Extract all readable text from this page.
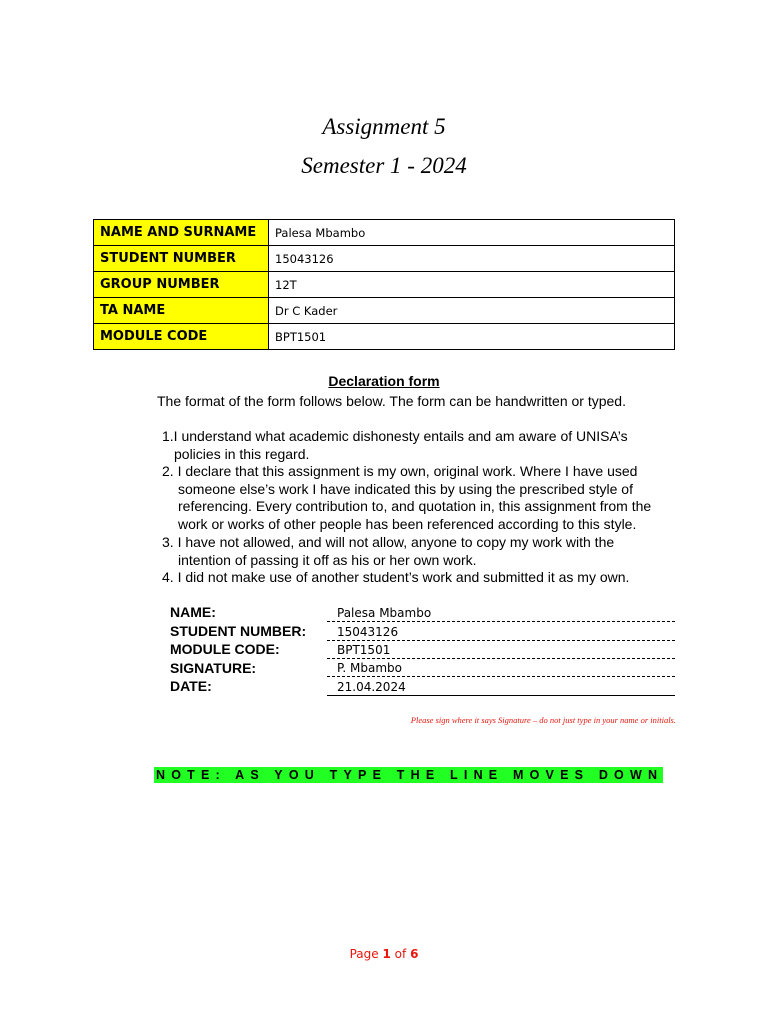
Assignment 5
Semester 1 - 2024
NAME AND SURNAME	Palesa Mbambo
STUDENT NUMBER	15043126
GROUP NUMBER	12T
TA NAME	Dr C Kader
MODULE CODE	BPT1501
Declaration form
The format of the form follows below. The form can be handwritten or typed.

1.I understand what academic dishonesty entails and am aware of UNISA’s
policies in this regard.

2. I declare that this assignment is my own, original work. Where I have used
someone else’s work I have indicated this by using the prescribed style of referencing. Every contribution to, and quotation in, this assignment from the work or works of other people has been referenced according to this style.

3. I have not allowed, and will not allow, anyone to copy my work with the
intention of passing it off as his or her own work.

4. I did not make use of another student’s work and submitted it as my own.

NAME:	Palesa Mbambo
STUDENT NUMBER:	15043126
MODULE CODE:	BPT1501
SIGNATURE:	P. Mbambo
DATE:	21.04.2024
Please sign where it says Signature – do not just type in your name or initials.
NOTE: AS YOU TYPE THE LINE MOVES DOWN
Page 1 of 6
